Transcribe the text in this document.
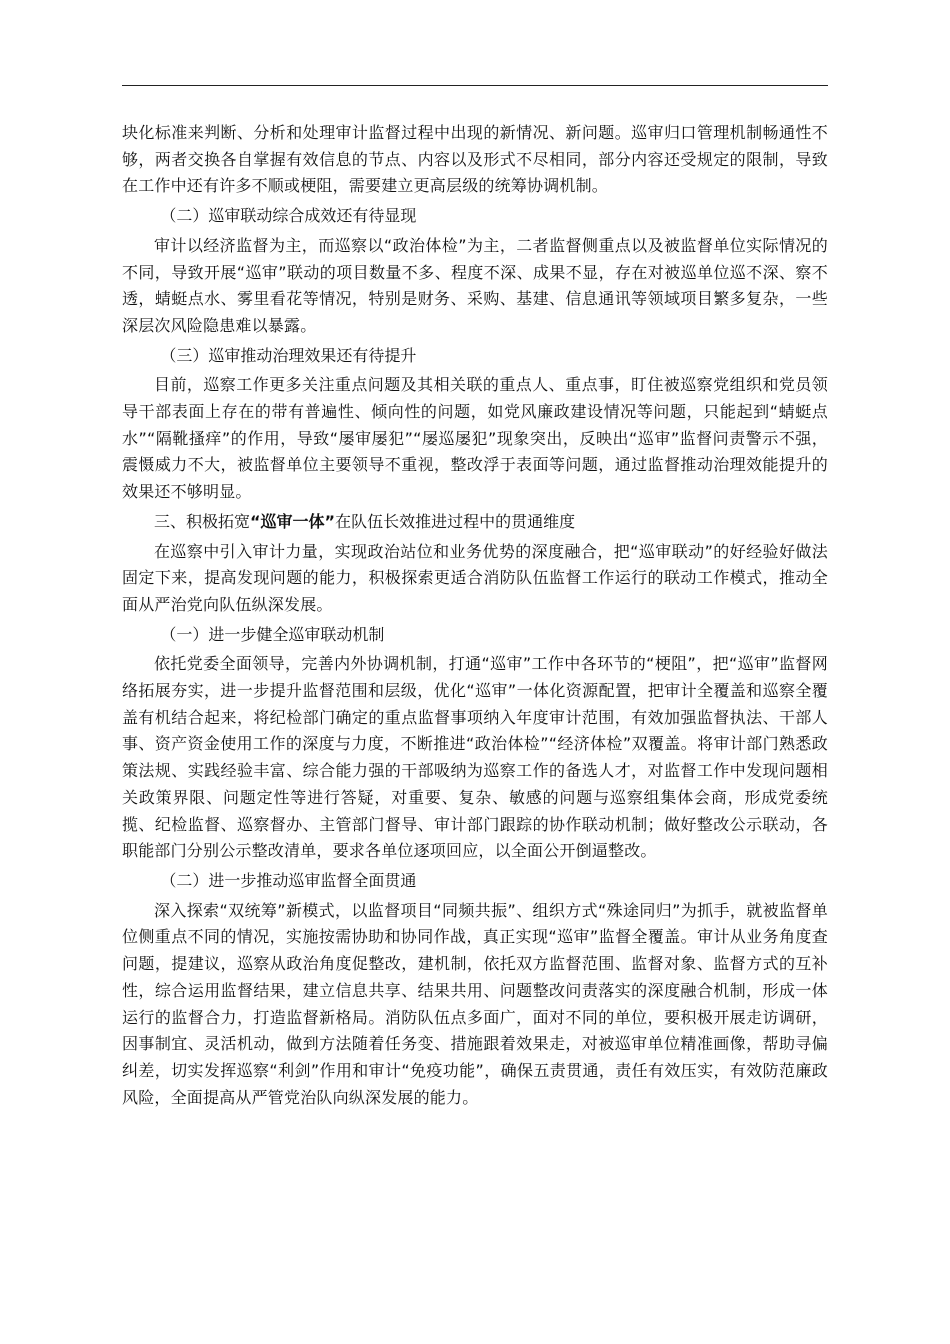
块化标准来判断、分析和处理审计监督过程中出现的新情况、新问题。巡审归口管理机制畅通性不够，两者交换各自掌握有效信息的节点、内容以及形式不尽相同，部分内容还受规定的限制，导致在工作中还有许多不顺或梗阻，需要建立更高层级的统筹协调机制。

（二）巡审联动综合成效还有待显现

审计以经济监督为主，而巡察以“政治体检”为主，二者监督侧重点以及被监督单位实际情况的不同，导致开展“巡审”联动的项目数量不多、程度不深、成果不显，存在对被巡单位巡不深、察不透，蜻蜓点水、雾里看花等情况，特别是财务、采购、基建、信息通讯等领域项目繁多复杂，一些深层次风险隐患难以暴露。

（三）巡审推动治理效果还有待提升

目前，巡察工作更多关注重点问题及其相关联的重点人、重点事，盯住被巡察党组织和党员领导干部表面上存在的带有普遍性、倾向性的问题，如党风廉政建设情况等问题，只能起到“蜻蜓点水”“隔靴搔痒”的作用，导致“屡审屡犯”“屡巡屡犯”现象突出，反映出“巡审”监督问责警示不强，震慑威力不大，被监督单位主要领导不重视，整改浮于表面等问题，通过监督推动治理效能提升的效果还不够明显。

三、积极拓宽“巡审一体”在队伍长效推进过程中的贯通维度

在巡察中引入审计力量，实现政治站位和业务优势的深度融合，把“巡审联动”的好经验好做法固定下来，提高发现问题的能力，积极探索更适合消防队伍监督工作运行的联动工作模式，推动全面从严治党向队伍纵深发展。

（一）进一步健全巡审联动机制

依托党委全面领导，完善内外协调机制，打通“巡审”工作中各环节的“梗阻”，把“巡审”监督网络拓展夯实，进一步提升监督范围和层级，优化“巡审”一体化资源配置，把审计全覆盖和巡察全覆盖有机结合起来，将纪检部门确定的重点监督事项纳入年度审计范围，有效加强监督执法、干部人事、资产资金使用工作的深度与力度，不断推进“政治体检”“经济体检”双覆盖。将审计部门熟悉政策法规、实践经验丰富、综合能力强的干部吸纳为巡察工作的备选人才，对监督工作中发现问题相关政策界限、问题定性等进行答疑，对重要、复杂、敏感的问题与巡察组集体会商，形成党委统揽、纪检监督、巡察督办、主管部门督导、审计部门跟踪的协作联动机制；做好整改公示联动，各职能部门分别公示整改清单，要求各单位逐项回应，以全面公开倒逼整改。

（二）进一步推动巡审监督全面贯通

深入探索“双统筹”新模式，以监督项目“同频共振”、组织方式“殊途同归”为抓手，就被监督单位侧重点不同的情况，实施按需协助和协同作战，真正实现“巡审”监督全覆盖。审计从业务角度查问题，提建议，巡察从政治角度促整改，建机制，依托双方监督范围、监督对象、监督方式的互补性，综合运用监督结果，建立信息共享、结果共用、问题整改问责落实的深度融合机制，形成一体运行的监督合力，打造监督新格局。消防队伍点多面广，面对不同的单位，要积极开展走访调研，因事制宜、灵活机动，做到方法随着任务变、措施跟着效果走，对被巡审单位精准画像，帮助寻偏纠差，切实发挥巡察“利剑”作用和审计“免疫功能”，确保五责贯通，责任有效压实，有效防范廉政风险，全面提高从严管党治队向纵深发展的能力。
